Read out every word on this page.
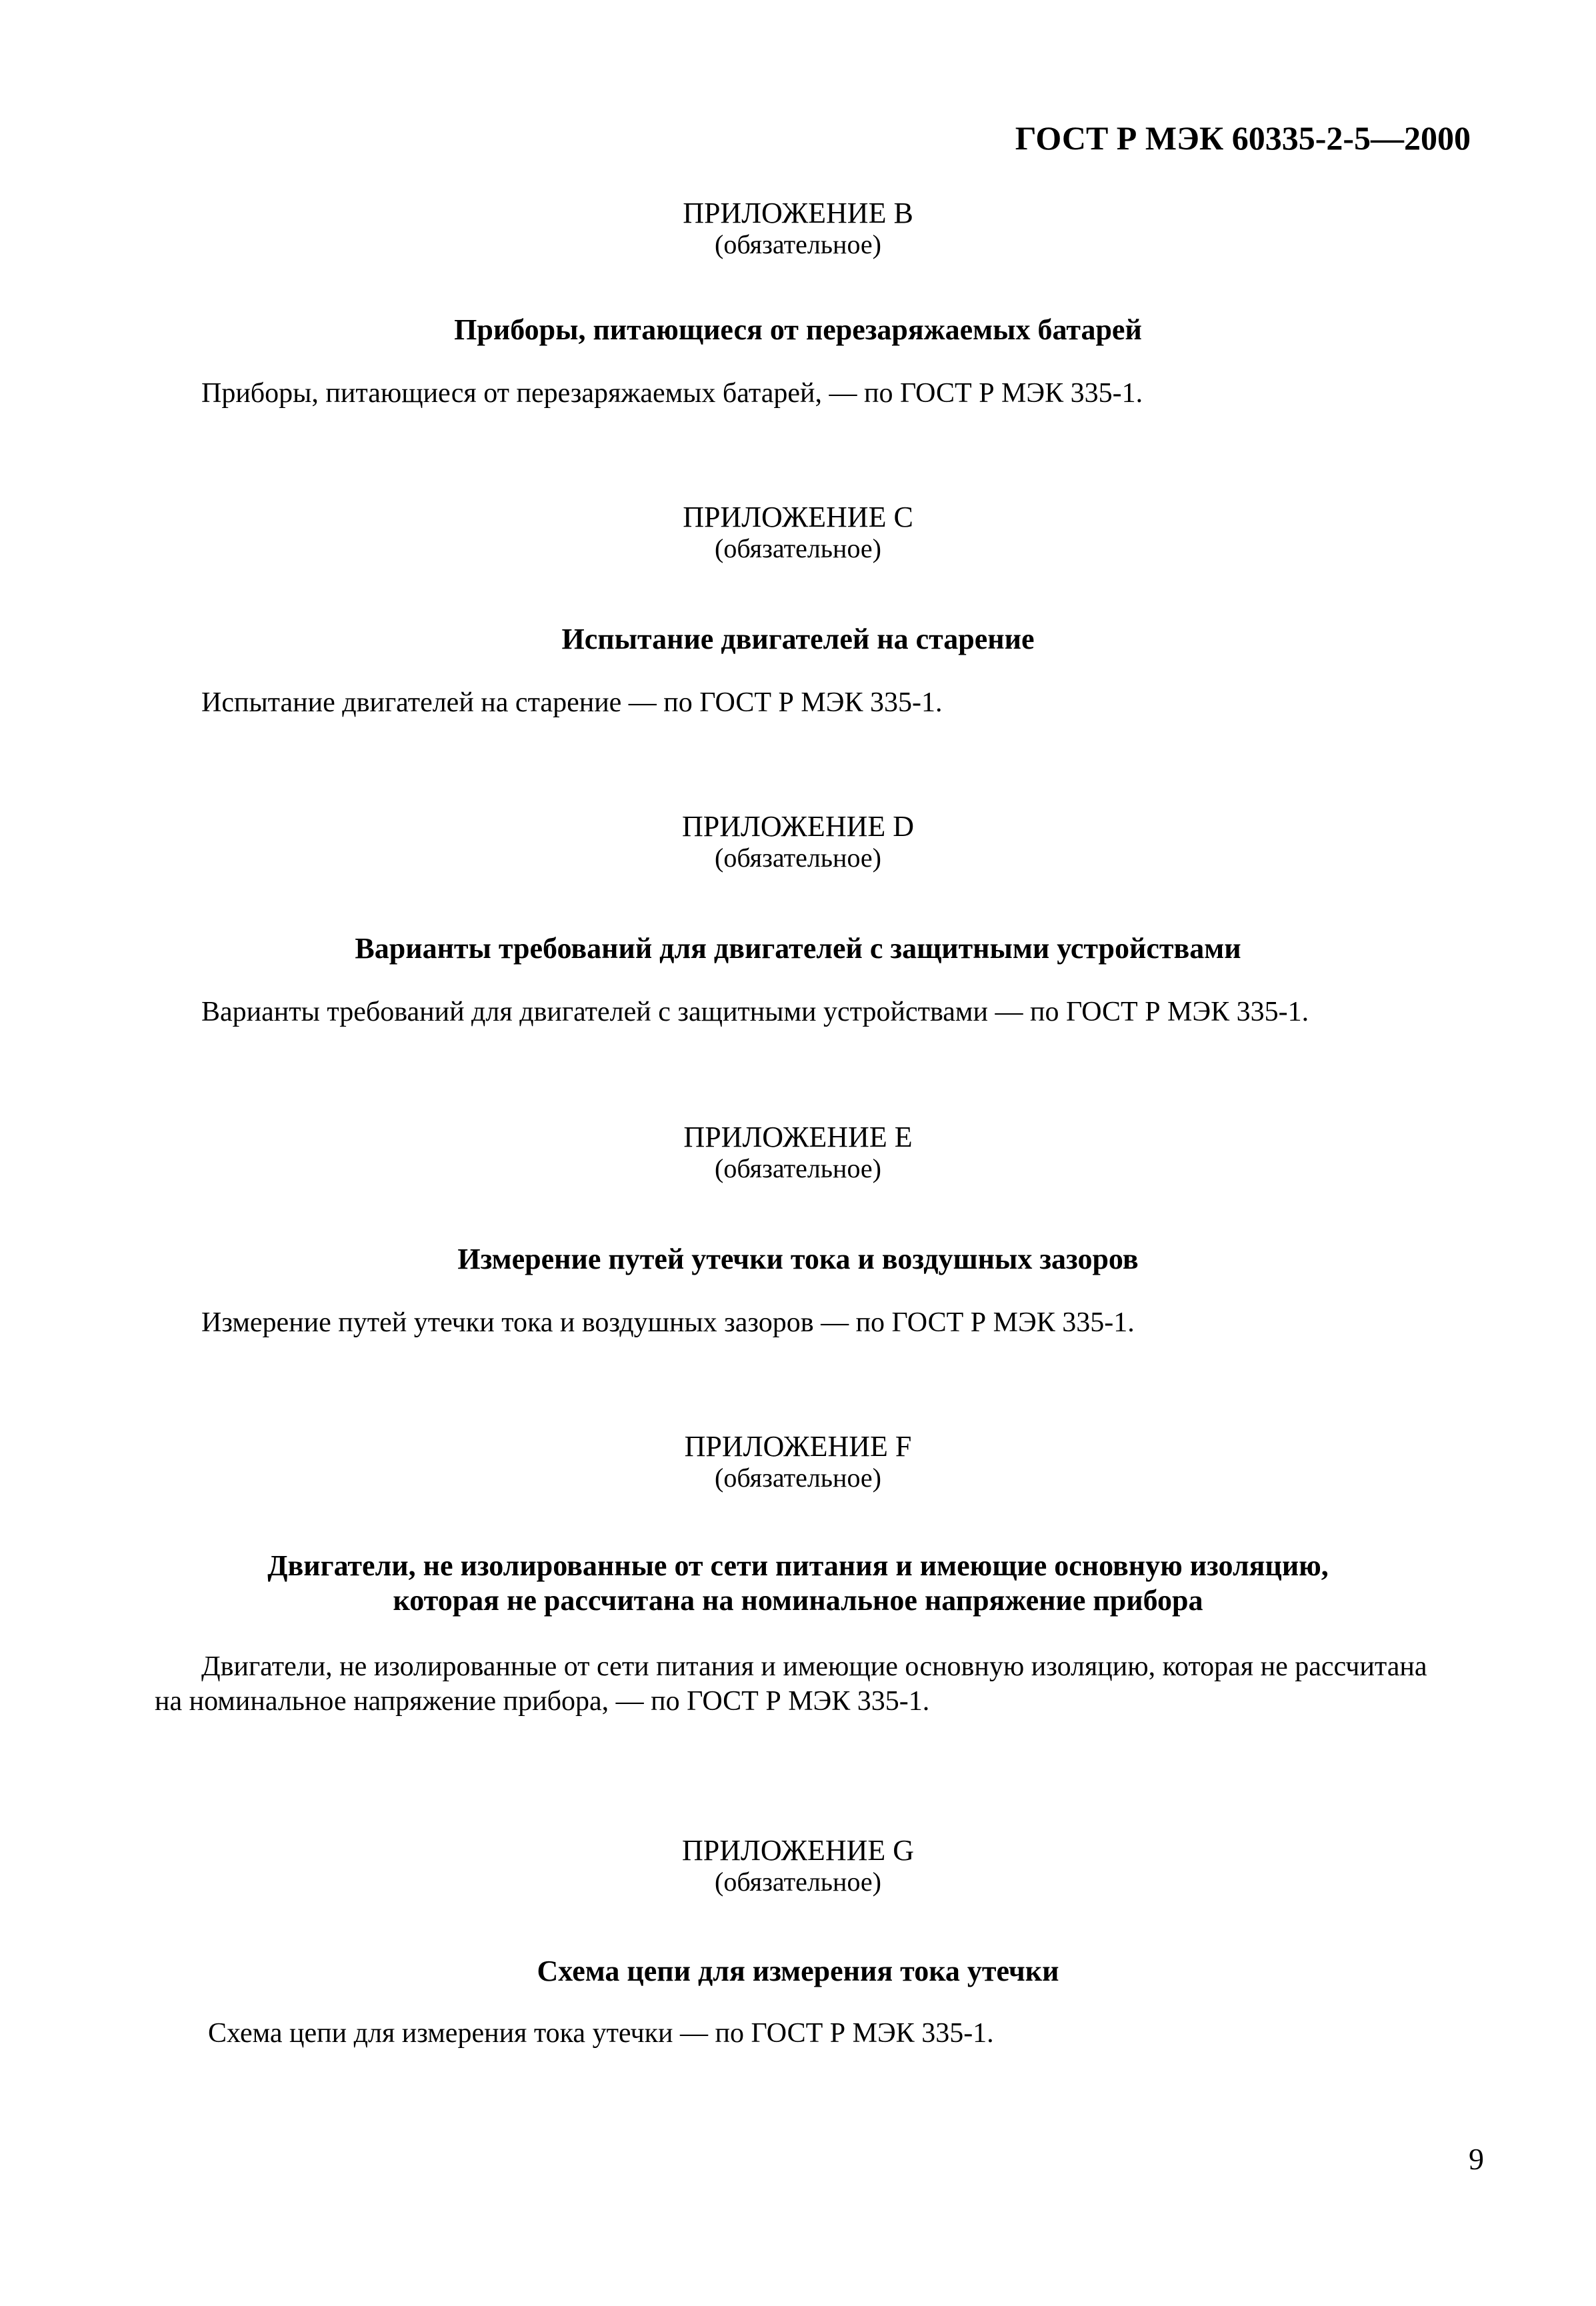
ГОСТ Р МЭК 60335-2-5—2000
ПРИЛОЖЕНИЕ B
(обязательное)
Приборы, питающиеся от перезаряжаемых батарей
Приборы, питающиеся от перезаряжаемых батарей, — по ГОСТ Р МЭК 335-1.
ПРИЛОЖЕНИЕ C
(обязательное)
Испытание двигателей на старение
Испытание двигателей на старение — по ГОСТ Р МЭК 335-1.
ПРИЛОЖЕНИЕ D
(обязательное)
Варианты требований для двигателей с защитными устройствами
Варианты требований для двигателей с защитными устройствами — по ГОСТ Р МЭК 335-1.
ПРИЛОЖЕНИЕ E
(обязательное)
Измерение путей утечки тока и воздушных зазоров
Измерение путей утечки тока и воздушных зазоров — по ГОСТ Р МЭК 335-1.
ПРИЛОЖЕНИЕ F
(обязательное)
Двигатели, не изолированные от сети питания и имеющие основную изоляцию,
которая не рассчитана на номинальное напряжение прибора
Двигатели, не изолированные от сети питания и имеющие основную изоляцию, которая не рассчитана
на номинальное напряжение прибора, — по ГОСТ Р МЭК 335-1.
ПРИЛОЖЕНИЕ G
(обязательное)
Схема цепи для измерения тока утечки
Схема цепи для измерения тока утечки — по ГОСТ Р МЭК 335-1.
9
